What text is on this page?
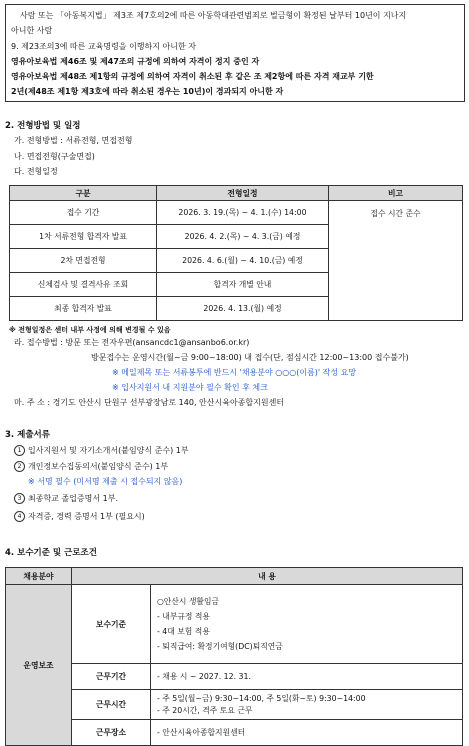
사람 또는 「아동복지법」 제3조 제7호의2에 따른 아동학대관련범죄로 벌금형이 확정된 날부터 10년이 지나지
아니한 사람
9. 제23조의3에 따른 교육명령을 이행하지 아니한 자
영유아보육법 제46조 및 제47조의 규정에 의하여 자격이 정지 중인 자
영유아보육법 제48조 제1항의 규정에 의하여 자격이 취소된 후 같은 조 제2항에 따른 자격 재교부 기한
2년(제48조 제1항 제3호에 따라 취소된 경우는 10년)이 경과되지 아니한 자
2. 전형방법 및 일정
가. 전형방법 : 서류전형, 면접전형
나. 면접전형(구술면접)
다. 전형일정
구분	전형일정	비고
접수 기간	2026. 3. 19.(목) ~ 4. 1.(수) 14:00	접수 시간 준수
1차 서류전형 합격자 발표	2026. 4. 2.(목) ~ 4. 3.(금) 예정	
2차 면접전형	2026. 4. 6.(월) ~ 4. 10.(금) 예정	
신체검사 및 결격사유 조회	합격자 개별 안내	
최종 합격자 발표	2026. 4. 13.(월) 예정	
※ 전형일정은 센터 내부 사정에 의해 변경될 수 있음
라. 접수방법 : 방문 또는 전자우편(ansancdc1@ansanbo6.or.kr)
방문접수는 운영시간(월~금 9:00~18:00) 내 접수(단, 점심시간 12:00~13:00 접수불가)
※ 메일제목 또는 서류봉투에 반드시 '채용분야 ○○○(이름)' 작성 요망
※ 입사지원서 내 지원분야 필수 확인 후 체크
마. 주 소 : 경기도 안산시 단원구 선부광장남로 140, 안산시육아종합지원센터
3. 제출서류
1 입사지원서 및 자기소개서(붙임양식 준수) 1부
2 개인정보수집동의서(붙임양식 준수) 1부
※ 서명 필수 (미서명 제출 시 접수되지 않음)
3 최종학교 졸업증명서 1부.
4 자격증, 경력 증명서 1부 (필요시)
4. 보수기준 및 근로조건
채용분야	내 용	
운영보조	보수기준	○안산시 생활임금
- 내부규정 적용
- 4대 보험 적용
- 퇴직급여: 확정기여형(DC)퇴직연금

	근무기간	- 채용 시 ~ 2027. 12. 31.

	근무시간	- 주 5일(월~금) 9:30~14:00, 주 5일(화~토) 9:30~14:00
- 주 20시간, 격주 토요 근무

	근무장소	- 안산시육아종합지원센터
